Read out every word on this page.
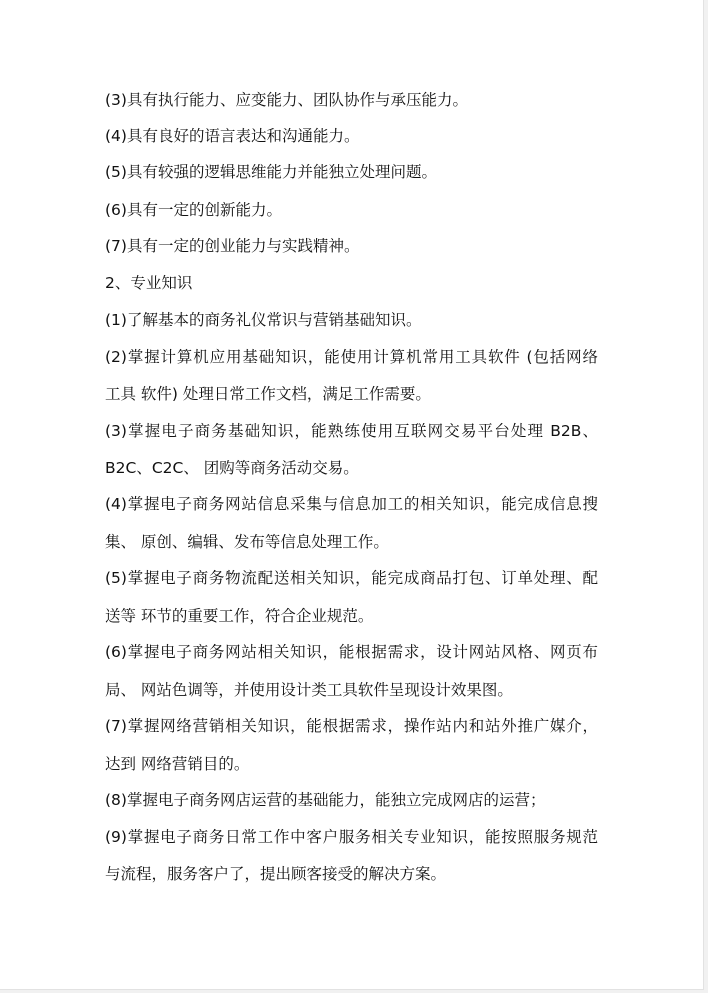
(3)具有执行能力、应变能力、团队协作与承压能力。
(4)具有良好的语言表达和沟通能力。
(5)具有较强的逻辑思维能力并能独立处理问题。
(6)具有一定的创新能力。
(7)具有一定的创业能力与实践精神。
2、专业知识
(1)了解基本的商务礼仪常识与营销基础知识。
(2)掌握计算机应用基础知识，能使用计算机常用工具软件 (包括网络
工具 软件) 处理日常工作文档，满足工作需要。
(3)掌握电子商务基础知识，能熟练使用互联网交易平台处理 B2B、
B2C、C2C、 团购等商务活动交易。
(4)掌握电子商务网站信息采集与信息加工的相关知识，能完成信息搜
集、 原创、编辑、发布等信息处理工作。
(5)掌握电子商务物流配送相关知识，能完成商品打包、订单处理、配
送等 环节的重要工作，符合企业规范。
(6)掌握电子商务网站相关知识，能根据需求，设计网站风格、网页布
局、 网站色调等，并使用设计类工具软件呈现设计效果图。
(7)掌握网络营销相关知识，能根据需求，操作站内和站外推广媒介，
达到 网络营销目的。
(8)掌握电子商务网店运营的基础能力，能独立完成网店的运营；
(9)掌握电子商务日常工作中客户服务相关专业知识，能按照服务规范
与流程，服务客户了，提出顾客接受的解决方案。
